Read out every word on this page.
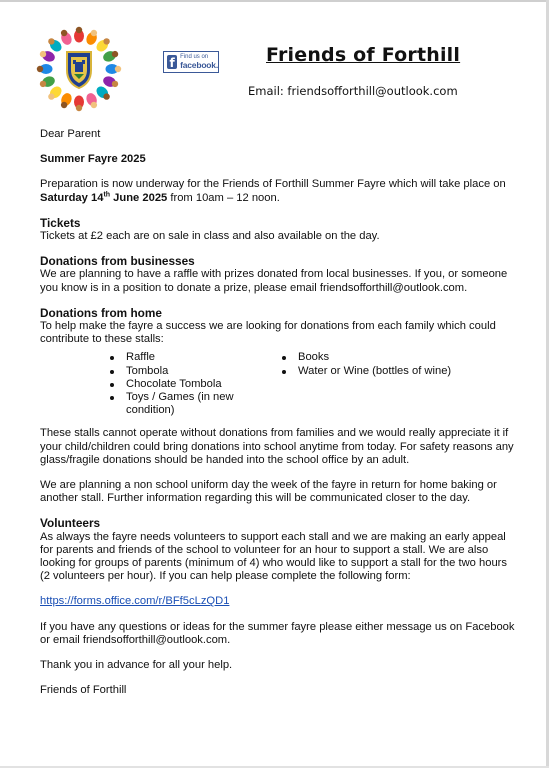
f Find us on
facebook.	Friends of Forthill
Email: friendsofforthill@outlook.com

Dear Parent

Summer Fayre 2025

Preparation is now underway for the Friends of Forthill Summer Fayre which will take place on
Saturday 14th June 2025 from 10am – 12 noon.

Tickets

Tickets at £2 each are on sale in class and also available on the day.

Donations from businesses

We are planning to have a raffle with prizes donated from local businesses. If you, or someone you know is in a position to donate a prize, please email friendsofforthill@outlook.com.

Donations from home

To help make the fayre a success we are looking for donations from each family which could contribute to these stalls:

Raffle
Tombola
Chocolate Tombola
Toys / Games (in new condition)
Books
Water or Wine (bottles of wine)

These stalls cannot operate without donations from families and we would really appreciate it if your child/children could bring donations into school anytime from today. For safety reasons any glass/fragile donations should be handed into the school office by an adult.

We are planning a non school uniform day the week of the fayre in return for home baking or another stall. Further information regarding this will be communicated closer to the day.

Volunteers

As always the fayre needs volunteers to support each stall and we are making an early appeal for parents and friends of the school to volunteer for an hour to support a stall. We are also looking for groups of parents (minimum of 4) who would like to support a stall for the two hours (2 volunteers per hour). If you can help please complete the following form:

https://forms.office.com/r/BFf5cLzQD1

If you have any questions or ideas for the summer fayre please either message us on Facebook or email friendsofforthill@outlook.com.

Thank you in advance for all your help.

Friends of Forthill
